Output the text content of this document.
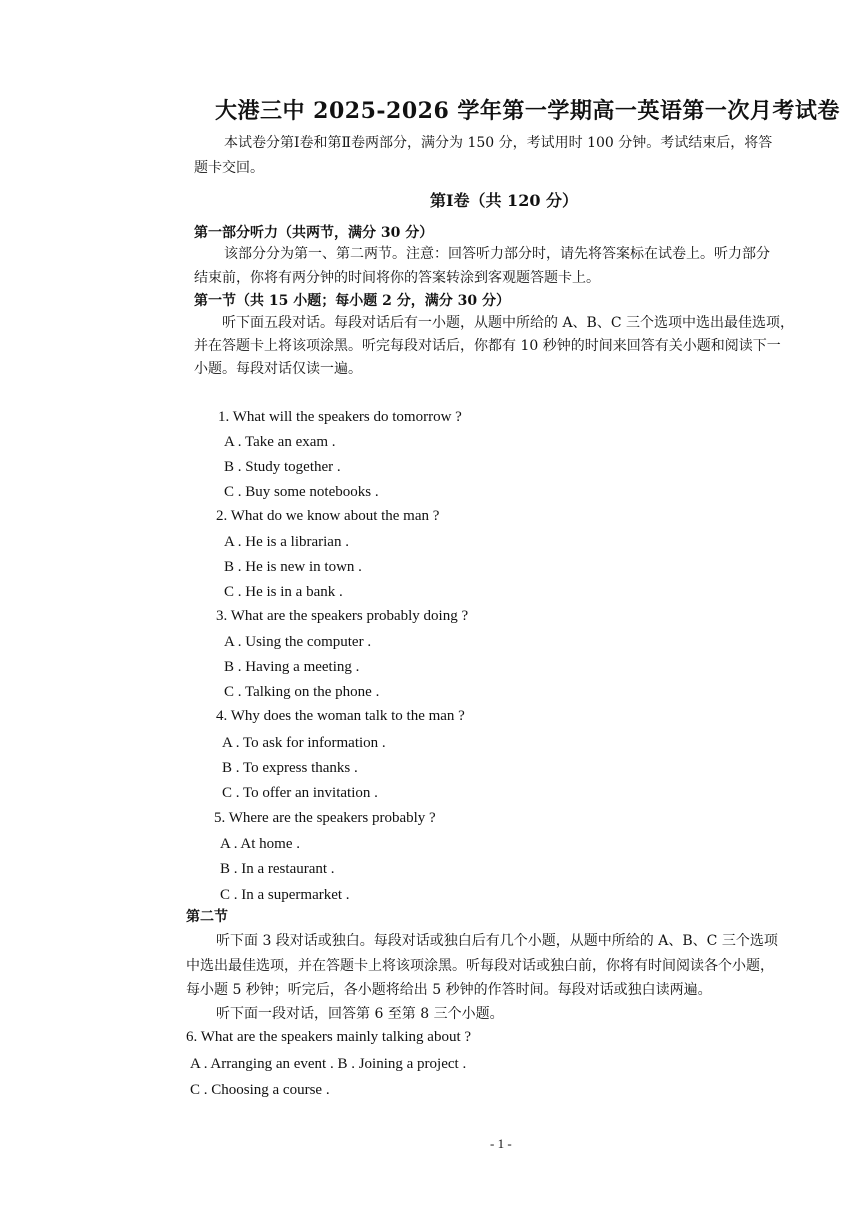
大港三中 2025-2026 学年第一学期高一英语第一次月考试卷
本试卷分第Ⅰ卷和第Ⅱ卷两部分，满分为 150 分，考试用时 100 分钟。考试结束后，将答
题卡交回。
第Ⅰ卷（共 120 分）
第一部分听力（共两节，满分 30 分）
该部分分为第一、第二两节。注意：回答听力部分时，请先将答案标在试卷上。听力部分
结束前，你将有两分钟的时间将你的答案转涂到客观题答题卡上。
第一节（共 15 小题；每小题 2 分，满分 30 分）
听下面五段对话。每段对话后有一小题，从题中所给的 A、B、C 三个选项中选出最佳选项，
并在答题卡上将该项涂黑。听完每段对话后，你都有 10 秒钟的时间来回答有关小题和阅读下一
小题。每段对话仅读一遍。
1. What will the speakers do tomorrow ?
A . Take an exam .
B . Study together .
C . Buy some notebooks .
2. What do we know about the man ?
A . He is a librarian .
B . He is new in town .
C . He is in a bank .
3. What are the speakers probably doing ?
A . Using the computer .
B . Having a meeting .
C . Talking on the phone .
4. Why does the woman talk to the man ?
A . To ask for information .
B . To express thanks .
C . To offer an invitation .
5. Where are the speakers probably ?
A . At home .
B . In a restaurant .
C . In a supermarket .
第二节
听下面 3 段对话或独白。每段对话或独白后有几个小题，从题中所给的 A、B、C 三个选项
中选出最佳选项，并在答题卡上将该项涂黑。听每段对话或独白前，你将有时间阅读各个小题，
每小题 5 秒钟；听完后，各小题将给出 5 秒钟的作答时间。每段对话或独白读两遍。
听下面一段对话，回答第 6 至第 8 三个小题。
6. What are the speakers mainly talking about ?
A . Arranging an event . B . Joining a project .
C . Choosing a course .
- 1 -
